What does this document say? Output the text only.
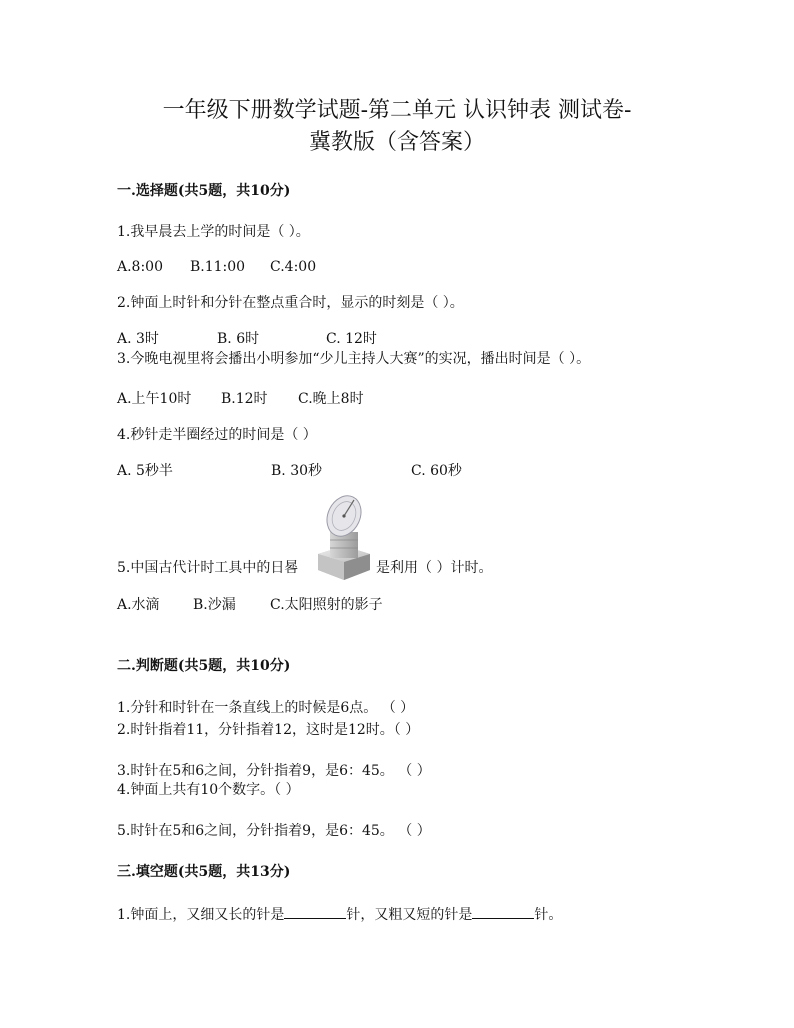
一年级下册数学试题-第二单元 认识钟表 测试卷-
冀教版（含答案）
一.选择题(共5题，共10分)
1.我早晨去上学的时间是（ ）。
A.8:00 B.11:00 C.4:00
2.钟面上时针和分针在整点重合时，显示的时刻是（ ）。
A. 3时	B. 6时	C. 12时
3.今晚电视里将会播出小明参加“少儿主持人大赛”的实况，播出时间是（ ）。
A.上午10时 B.12时 C.晚上8时
4.秒针走半圈经过的时间是（ ）
A. 5秒半	B. 30秒	C. 60秒
5.中国古代计时工具中的日晷	是利用（ ）计时。
A.水滴 B.沙漏 C.太阳照射的影子
二.判断题(共5题，共10分)
1.分针和时针在一条直线上的时候是6点。 （ ）
2.时针指着11，分针指着12，这时是12时。（ ）
3.时针在5和6之间，分针指着9，是6：45。 （ ）
4.钟面上共有10个数字。（ ）
5.时针在5和6之间，分针指着9，是6：45。 （ ）
三.填空题(共5题，共13分)
1.钟面上，又细又长的针是	针，又粗又短的针是	针。
